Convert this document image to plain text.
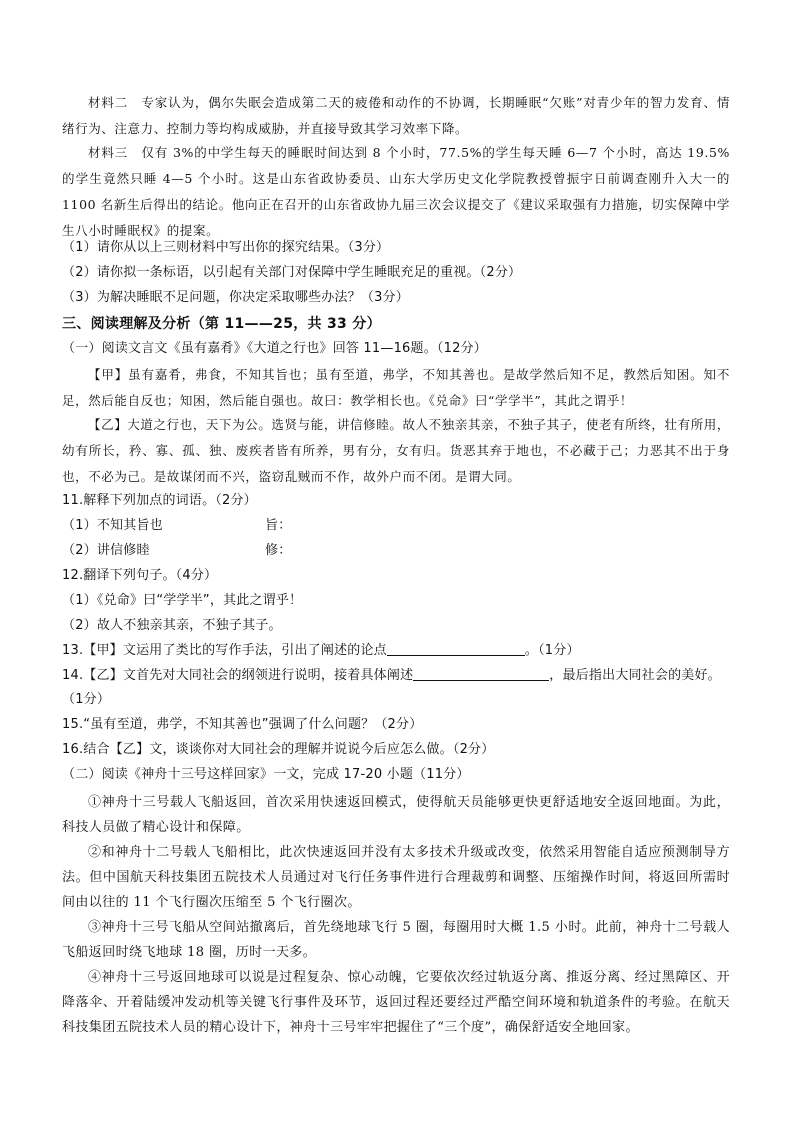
材料二　专家认为，偶尔失眠会造成第二天的疲倦和动作的不协调，长期睡眠“欠账”对青少年的智力发育、情绪行为、注意力、控制力等均构成威胁，并直接导致其学习效率下降。

材料三　仅有 3%的中学生每天的睡眠时间达到 8 个小时，77.5%的学生每天睡 6—7 个小时，高达 19.5%的学生竟然只睡 4—5 个小时。这是山东省政协委员、山东大学历史文化学院教授曾振宇日前调查刚升入大一的 1100 名新生后得出的结论。他向正在召开的山东省政协九届三次会议提交了《建议采取强有力措施，切实保障中学生八小时睡眠权》的提案。

（1）请你从以上三则材料中写出你的探究结果。（3分）

（2）请你拟一条标语，以引起有关部门对保障中学生睡眠充足的重视。（2分）

（3）为解决睡眠不足问题，你决定采取哪些办法？（3分）

三、阅读理解及分析（第 11——25，共 33 分）

（一）阅读文言文《虽有嘉肴》《大道之行也》回答 11—16题。（12分）

【甲】虽有嘉肴，弗食，不知其旨也；虽有至道，弗学，不知其善也。是故学然后知不足，教然后知困。知不足，然后能自反也；知困，然后能自强也。故曰：教学相长也。《兑命》曰“学学半”，其此之谓乎！

【乙】大道之行也，天下为公。选贤与能，讲信修睦。故人不独亲其亲，不独子其子，使老有所终，壮有所用，幼有所长，矜、寡、孤、独、废疾者皆有所养，男有分，女有归。货恶其弃于地也，不必藏于己；力恶其不出于身也，不必为己。是故谋闭而不兴，盗窃乱贼而不作，故外户而不闭。是谓大同。

11.解释下列加点的词语。（2分）

（1）不知其旨也	旨：

（2）讲信修睦	修：

12.翻译下列句子。（4分）

（1）《兑命》曰“学学半”，其此之谓乎！

（2）故人不独亲其亲，不独子其子。

13.【甲】文运用了类比的写作手法，引出了阐述的论点	。（1分）

14.【乙】文首先对大同社会的纲领进行说明，接着具体阐述	，最后指出大同社会的美好。（1分）

15.“虽有至道，弗学，不知其善也”强调了什么问题？（2分）

16.结合【乙】文，谈谈你对大同社会的理解并说说今后应怎么做。（2分）

（二）阅读《神舟十三号这样回家》一文，完成 17-20 小题（11分）

①神舟十三号载人飞船返回，首次采用快速返回模式，使得航天员能够更快更舒适地安全返回地面。为此，科技人员做了精心设计和保障。

②和神舟十二号载人飞船相比，此次快速返回并没有太多技术升级或改变，依然采用智能自适应预测制导方法。但中国航天科技集团五院技术人员通过对飞行任务事件进行合理裁剪和调整、压缩操作时间，将返回所需时间由以往的 11 个飞行圈次压缩至 5 个飞行圈次。

③神舟十三号飞船从空间站撤离后，首先绕地球飞行 5 圈，每圈用时大概 1.5 小时。此前，神舟十二号载人飞船返回时绕飞地球 18 圈，历时一天多。

④神舟十三号返回地球可以说是过程复杂、惊心动魄，它要依次经过轨返分离、推返分离、经过黑障区、开降落伞、开着陆缓冲发动机等关键飞行事件及环节，返回过程还要经过严酷空间环境和轨道条件的考验。在航天科技集团五院技术人员的精心设计下，神舟十三号牢牢把握住了“三个度”，确保舒适安全地回家。
